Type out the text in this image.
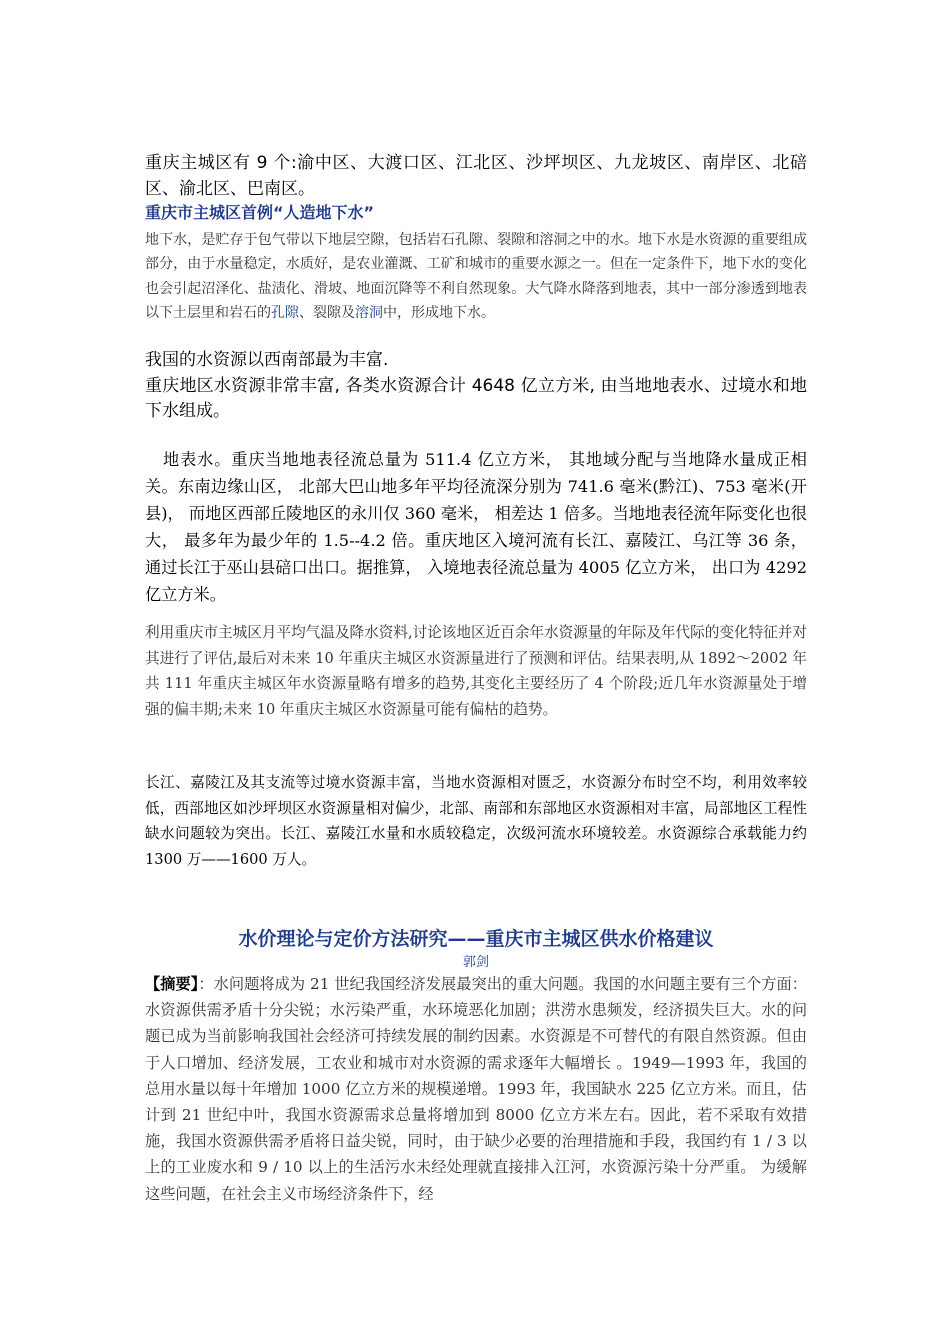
重庆主城区有 9 个:渝中区、大渡口区、江北区、沙坪坝区、九龙坡区、南岸区、北碚区、渝北区、巴南区。

重庆市主城区首例“人造地下水”

地下水，是贮存于包气带以下地层空隙，包括岩石孔隙、裂隙和溶洞之中的水。地下水是水资源的重要组成部分，由于水量稳定，水质好，是农业灌溉、工矿和城市的重要水源之一。但在一定条件下，地下水的变化也会引起沼泽化、盐渍化、滑坡、地面沉降等不利自然现象。大气降水降落到地表，其中一部分渗透到地表以下土层里和岩石的孔隙、裂隙及溶洞中，形成地下水。

我国的水资源以西南部最为丰富.

重庆地区水资源非常丰富, 各类水资源合计 4648 亿立方米, 由当地地表水、过境水和地下水组成。

地表水。重庆当地地表径流总量为 511.4 亿立方米， 其地域分配与当地降水量成正相关。东南边缘山区， 北部大巴山地多年平均径流深分别为 741.6 毫米(黔江)、753 毫米(开县)， 而地区西部丘陵地区的永川仅 360 毫米， 相差达 1 倍多。当地地表径流年际变化也很大， 最多年为最少年的 1.5--4.2 倍。重庆地区入境河流有长江、嘉陵江、乌江等 36 条， 通过长江于巫山县碚口出口。据推算， 入境地表径流总量为 4005 亿立方米， 出口为 4292 亿立方米。

利用重庆市主城区月平均气温及降水资料,讨论该地区近百余年水资源量的年际及年代际的变化特征并对其进行了评估,最后对未来 10 年重庆主城区水资源量进行了预测和评估。结果表明,从 1892～2002 年共 111 年重庆主城区年水资源量略有增多的趋势,其变化主要经历了 4 个阶段;近几年水资源量处于增强的偏丰期;未来 10 年重庆主城区水资源量可能有偏枯的趋势。

长江、嘉陵江及其支流等过境水资源丰富，当地水资源相对匮乏，水资源分布时空不均，利用效率较低，西部地区如沙坪坝区水资源量相对偏少，北部、南部和东部地区水资源相对丰富，局部地区工程性缺水问题较为突出。长江、嘉陵江水量和水质较稳定，次级河流水环境较差。水资源综合承载能力约 1300 万——1600 万人。

水价理论与定价方法研究——重庆市主城区供水价格建议

郭剑

【摘要】：水问题将成为 21 世纪我国经济发展最突出的重大问题。我国的水问题主要有三个方面：水资源供需矛盾十分尖锐；水污染严重，水环境恶化加剧；洪涝水患频发，经济损失巨大。水的问题已成为当前影响我国社会经济可持续发展的制约因素。水资源是不可替代的有限自然资源。但由于人口增加、经济发展，工农业和城市对水资源的需求逐年大幅增长 。1949—1993 年，我国的总用水量以每十年增加 1000 亿立方米的规模递增。1993 年，我国缺水 225 亿立方米。而且，估计到 21 世纪中叶，我国水资源需求总量将增加到 8000 亿立方米左右。因此，若不采取有效措施，我国水资源供需矛盾将日益尖锐，同时，由于缺少必要的治理措施和手段，我国约有 1 / 3 以上的工业废水和 9 / 10 以上的生活污水未经处理就直接排入江河，水资源污染十分严重。 为缓解这些问题，在社会主义市场经济条件下，经
